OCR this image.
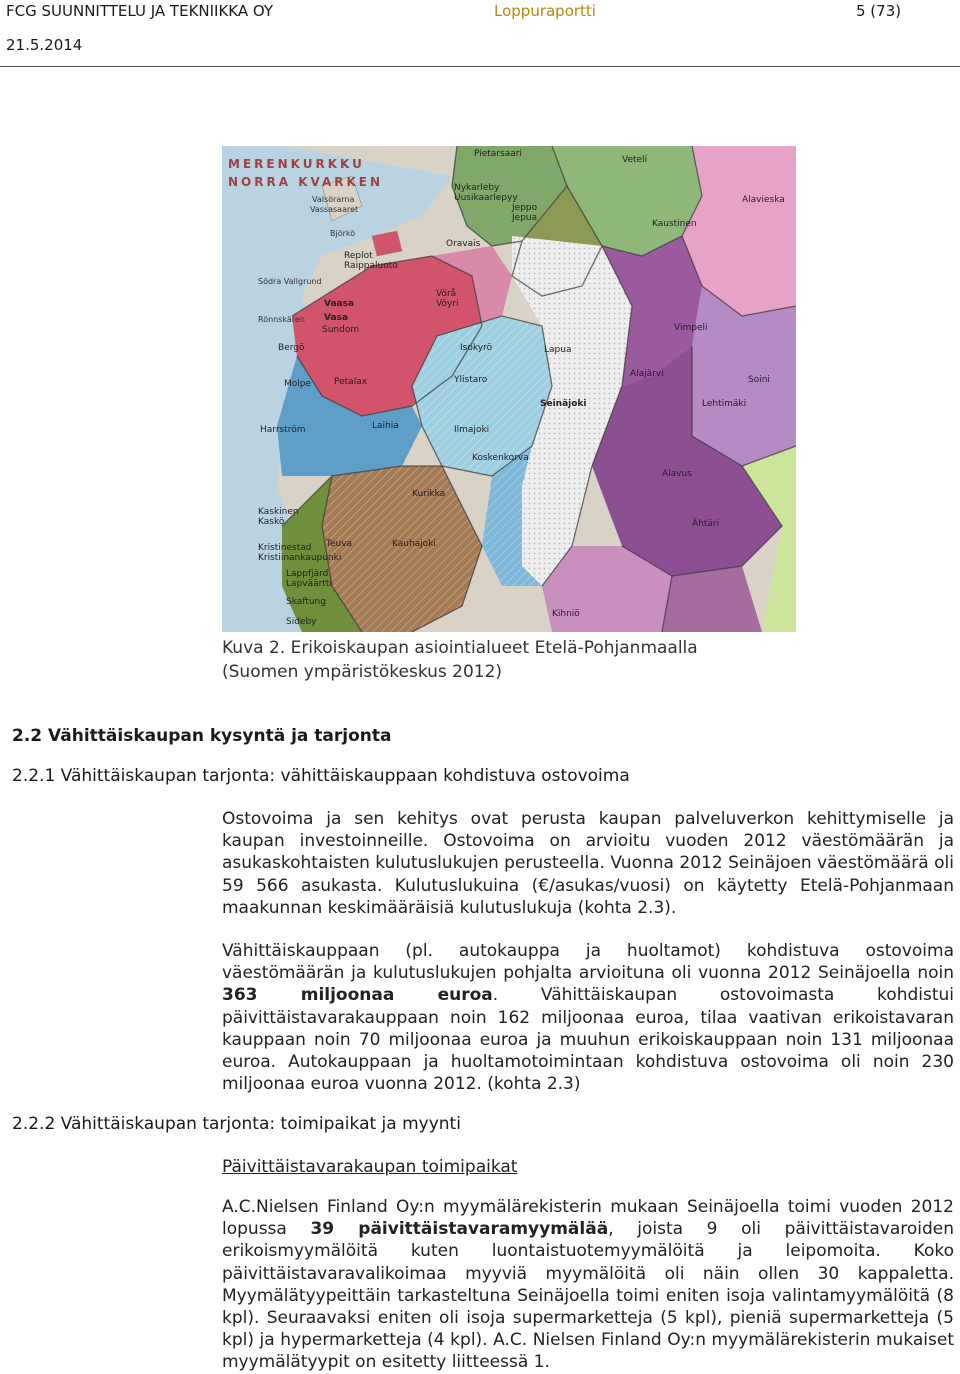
FCG SUUNNITTELU JA TEKNIIKKA OY	Loppuraportti	5 (73)
21.5.2014
MERENKURKKU
NORRA KVARKEN
Pietarsaari
Nykarleby
Uusikaarlepyy
Valsörarna
Vassasaaret
Södra Vallgrund
Björkö
Replot
Raippaluoto
Vaasa
Vasa
Sundom
Rönnskären
Bergö
Molpe	Petalax
Harrström
Kaskinen
Kaskö
Kristinestad
Kristiinankaupunki
Lappfjärd
Lapväärtti
Skaftung
Sideby
Jeppo
Jepua
Oravais
Vörå
Vöyri
Isokyrö
Ylistaro
Ilmajoki
Koskenkorva
Seinäjoki
Lapua
Alajärvi
Vimpeli
Kaustinen
Vetelí
Lehtimäki
Soini
Alavus
Ähtäri
Kihniö
Teuva	Kauhajoki
Kurikka
Laihia
Alavieska
Kuva 2. Erikoiskaupan asiointialueet Etelä-Pohjanmaalla
(Suomen ympäristökeskus 2012)
2.2 Vähittäiskaupan kysyntä ja tarjonta
2.2.1 Vähittäiskaupan tarjonta: vähittäiskauppaan kohdistuva ostovoima
Ostovoima ja sen kehitys ovat perusta kaupan palveluverkon kehittymiselle ja kaupan investoinneille. Ostovoima on arvioitu vuoden 2012 väestömäärän ja asukaskohtaisten kulutuslukujen perusteella. Vuonna 2012 Seinäjoen väestömäärä oli 59 566 asukasta. Kulutuslukuina (€/asukas/vuosi) on käytetty Etelä-Pohjanmaan maakunnan keskimääräisiä kulutuslukuja (kohta 2.3).
Vähittäiskauppaan (pl. autokauppa ja huoltamot) kohdistuva ostovoima väestömäärän ja kulutuslukujen pohjalta arvioituna oli vuonna 2012 Seinäjoella noin 363 miljoonaa euroa. Vähittäiskaupan ostovoimasta kohdistui päivittäistavarakauppaan noin 162 miljoonaa euroa, tilaa vaativan erikoistavaran kauppaan noin 70 miljoonaa euroa ja muuhun erikoiskauppaan noin 131 miljoonaa euroa. Autokauppaan ja huoltamotoimintaan kohdistuva ostovoima oli noin 230 miljoonaa euroa vuonna 2012. (kohta 2.3)
2.2.2 Vähittäiskaupan tarjonta: toimipaikat ja myynti
Päivittäistavarakaupan toimipaikat
A.C.Nielsen Finland Oy:n myymälärekisterin mukaan Seinäjoella toimi vuoden 2012 lopussa 39 päivittäistavaramyymälää, joista 9 oli päivittäistavaroiden erikoismyymälöitä kuten luontaistuotemyymälöitä ja leipomoita. Koko päivittäistavaravalikoimaa myyviä myymälöitä oli näin ollen 30 kappaletta. Myymälätyypeittäin tarkasteltuna Seinäjoella toimi eniten isoja valintamyymälöitä (8 kpl). Seuraavaksi eniten oli isoja supermarketteja (5 kpl), pieniä supermarketteja (5 kpl) ja hypermarketteja (4 kpl). A.C. Nielsen Finland Oy:n myymälärekisterin mukaiset myymälätyypit on esitetty liitteessä 1.
